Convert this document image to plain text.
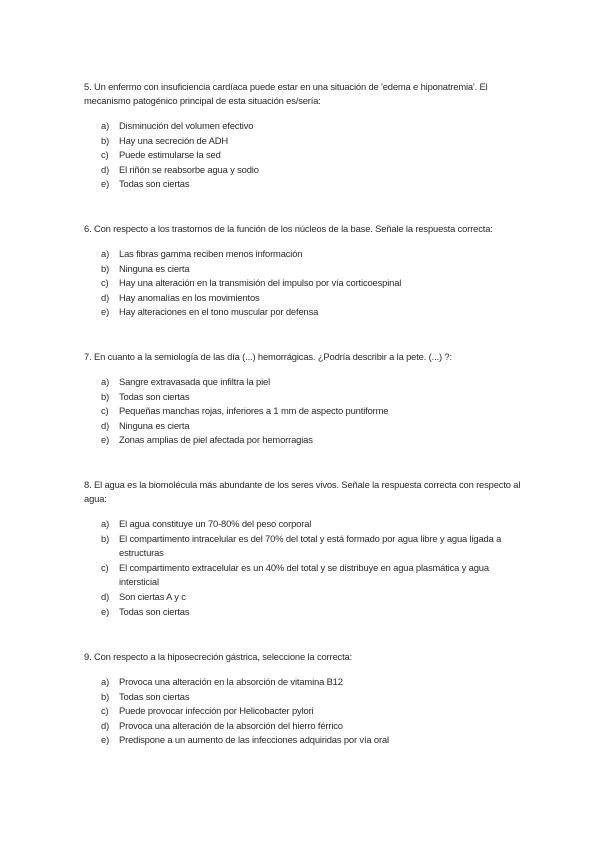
5. Un enfermo con insuficiencia cardíaca puede estar en una situación de 'edema e hiponatremia'. El mecanismo patogénico principal de esta situación es/sería:

a) Disminución del volumen efectivo
b) Hay una secreción de ADH
c) Puede estimularse la sed
d) El riñón se reabsorbe agua y sodio
e) Todas son ciertas

6. Con respecto a los trastornos de la función de los núcleos de la base. Señale la respuesta correcta:

a) Las fibras gamma reciben menos información
b) Ninguna es cierta
c) Hay una alteración en la transmisión del impulso por vía corticoespinal
d) Hay anomalías en los movimientos
e) Hay alteraciones en el tono muscular por defensa

7. En cuanto a la semiología de las día (...) hemorrágicas. ¿Podría describir a la pete. (...) ?:

a) Sangre extravasada que infiltra la piel
b) Todas son ciertas
c) Pequeñas manchas rojas, inferiores a 1 mm de aspecto puntiforme
d) Ninguna es cierta
e) Zonas amplias de piel afectada por hemorragias

8. El agua es la biomolécula más abundante de los seres vivos. Señale la respuesta correcta con respecto al agua:

a) El agua constituye un 70-80% del peso corporal
b) El compartimento intracelular es del 70% del total y está formado por agua libre y agua ligada a estructuras
c) El compartimento extracelular es un 40% del total y se distribuye en agua plasmática y agua intersticial
d) Son ciertas A y c
e) Todas son ciertas

9. Con respecto a la hiposecreción gástrica, seleccione la correcta:

a) Provoca una alteración en la absorción de vitamina B12
b) Todas son ciertas
c) Puede provocar infección por Helicobacter pylori
d) Provoca una alteración de la absorción del hierro férrico
e) Predispone a un aumento de las infecciones adquiridas por vía oral
